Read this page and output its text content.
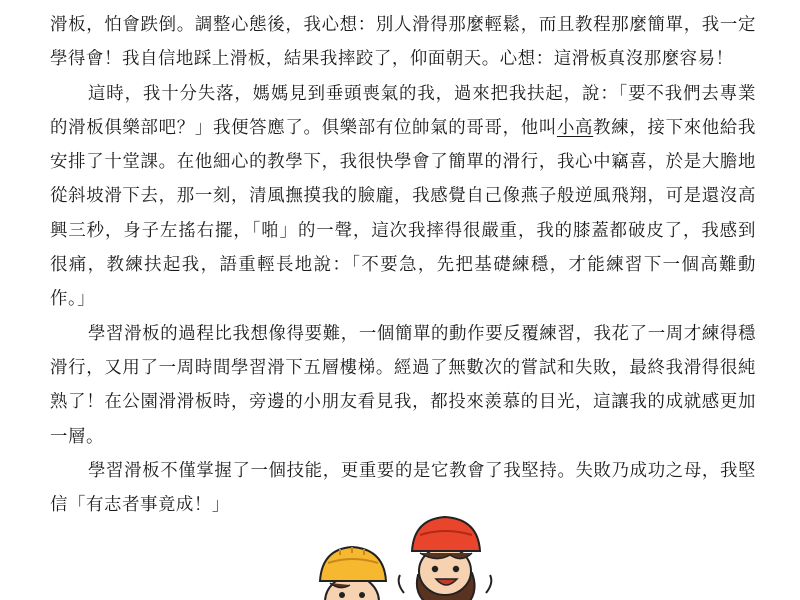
滑板，怕會跌倒。調整心態後，我心想：別人滑得那麼輕鬆，而且教程那麼簡單，我一定學得會！我自信地踩上滑板，結果我摔跤了，仰面朝天。心想：這滑板真沒那麼容易！

這時，我十分失落，媽媽見到垂頭喪氣的我，過來把我扶起，說：「要不我們去專業的滑板俱樂部吧？」我便答應了。俱樂部有位帥氣的哥哥，他叫小高教練，接下來他給我安排了十堂課。在他細心的教學下，我很快學會了簡單的滑行，我心中竊喜，於是大膽地從斜坡滑下去，那一刻，清風撫摸我的臉龐，我感覺自己像燕子般逆風飛翔，可是還沒高興三秒，身子左搖右擺，「啪」的一聲，這次我摔得很嚴重，我的膝蓋都破皮了，我感到很痛，教練扶起我，語重輕長地說：「不要急，先把基礎練穩，才能練習下一個高難動作。」

學習滑板的過程比我想像得要難，一個簡單的動作要反覆練習，我花了一周才練得穩滑行，又用了一周時間學習滑下五層樓梯。經過了無數次的嘗試和失敗，最終我滑得很純熟了！在公園滑滑板時，旁邊的小朋友看見我，都投來羨慕的目光，這讓我的成就感更加一層。

學習滑板不僅掌握了一個技能，更重要的是它教會了我堅持。失敗乃成功之母，我堅信「有志者事竟成！」
